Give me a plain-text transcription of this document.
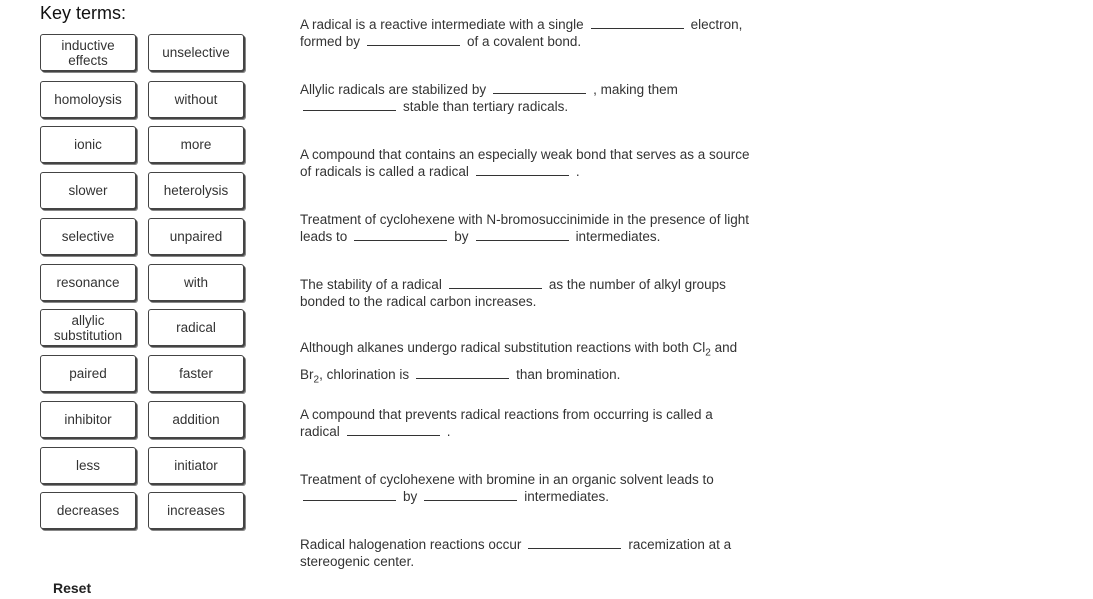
Key terms:
inductive effects	unselective
homoloysis	without
ionic	more
slower	heterolysis
selective	unpaired
resonance	with
allylic substitution	radical
paired	faster
inhibitor	addition
less	initiator
decreases	increases
Reset
A radical is a reactive intermediate with a single	electron,
formed by	of a covalent bond.
Allylic radicals are stabilized by	, making them
stable than tertiary radicals.
A compound that contains an especially weak bond that serves as a source
of radicals is called a radical	.
Treatment of cyclohexene with N-bromosuccinimide in the presence of light
leads to	by	intermediates.
The stability of a radical	as the number of alkyl groups
bonded to the radical carbon increases.
Although alkanes undergo radical substitution reactions with both $Cl_2$ and
$Br_2$, chlorination is	than bromination.
A compound that prevents radical reactions from occurring is called a
radical	.
Treatment of cyclohexene with bromine in an organic solvent leads to
by	intermediates.
Radical halogenation reactions occur	racemization at a
stereogenic center.
